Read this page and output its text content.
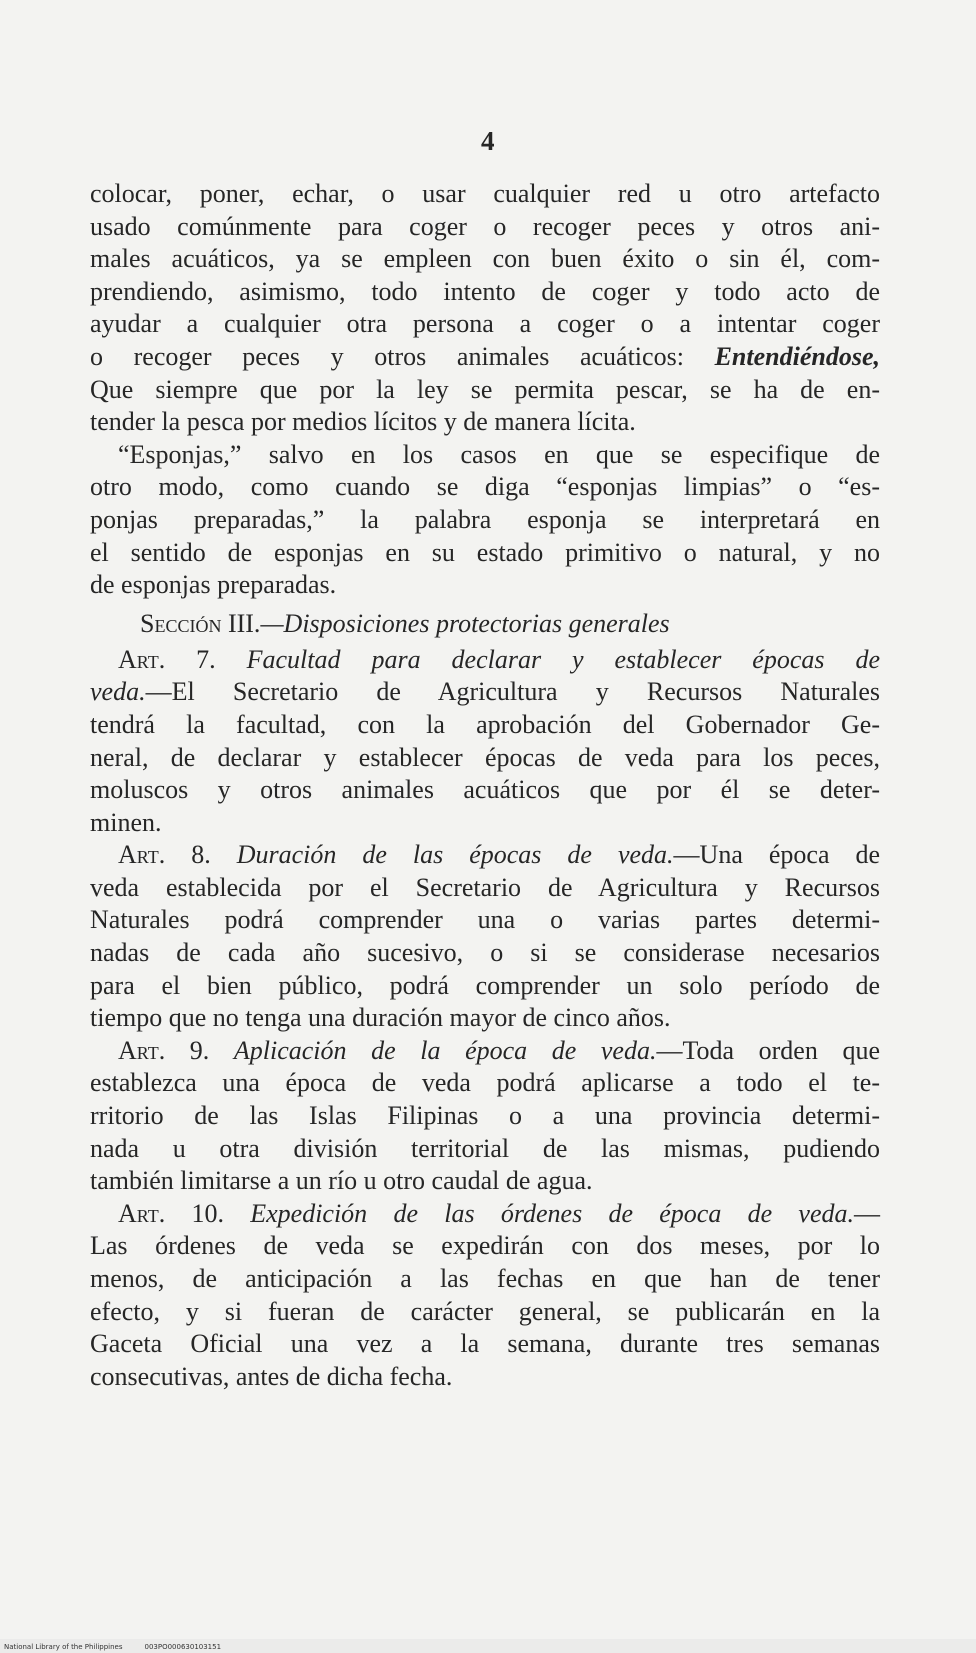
4
colocar, poner, echar, o usar cualquier red u otro artefacto
usado comúnmente para coger o recoger peces y otros ani-
males acuáticos, ya se empleen con buen éxito o sin él, com-
prendiendo, asimismo, todo intento de coger y todo acto de
ayudar a cualquier otra persona a coger o a intentar coger
o recoger peces y otros animales acuáticos: Entendiéndose,
Que siempre que por la ley se permita pescar, se ha de en-
tender la pesca por medios lícitos y de manera lícita.
“Esponjas,” salvo en los casos en que se especifique de
otro modo, como cuando se diga “esponjas limpias” o “es-
ponjas preparadas,” la palabra esponja se interpretará en
el sentido de esponjas en su estado primitivo o natural, y no
de esponjas preparadas.
Sección III.—Disposiciones protectorias generales
Art. 7. Facultad para declarar y establecer épocas de
veda.—El Secretario de Agricultura y Recursos Naturales
tendrá la facultad, con la aprobación del Gobernador Ge-
neral, de declarar y establecer épocas de veda para los peces,
moluscos y otros animales acuáticos que por él se deter-
minen.
Art. 8. Duración de las épocas de veda.—Una época de
veda establecida por el Secretario de Agricultura y Recursos
Naturales podrá comprender una o varias partes determi-
nadas de cada año sucesivo, o si se considerase necesarios
para el bien público, podrá comprender un solo período de
tiempo que no tenga una duración mayor de cinco años.
Art. 9. Aplicación de la época de veda.—Toda orden que
establezca una época de veda podrá aplicarse a todo el te-
rritorio de las Islas Filipinas o a una provincia determi-
nada u otra división territorial de las mismas, pudiendo
también limitarse a un río u otro caudal de agua.
Art. 10. Expedición de las órdenes de época de veda.—
Las órdenes de veda se expedirán con dos meses, por lo
menos, de anticipación a las fechas en que han de tener
efecto, y si fueran de carácter general, se publicarán en la
Gaceta Oficial una vez a la semana, durante tres semanas
consecutivas, antes de dicha fecha.
National Library of the Philippines	003PO000630103151
